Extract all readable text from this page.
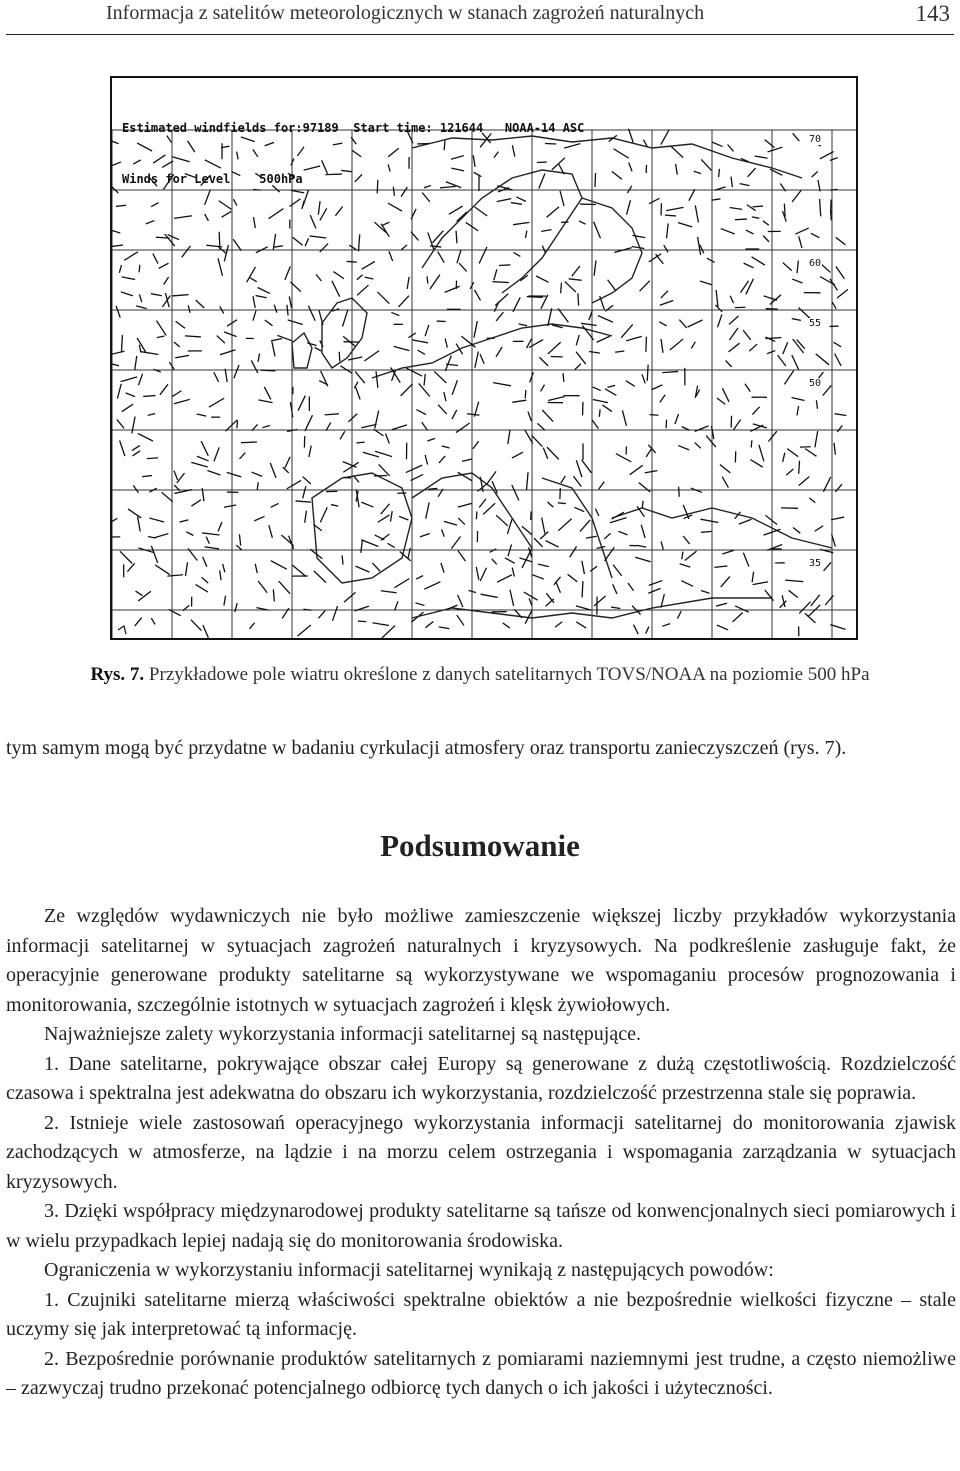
Informacja z satelitów meteorologicznych w stanach zagrożeń naturalnych	143

Estimated windfields for:97189  Start time: 121644   NOAA-14 ASC

Winds for Level    500hPa

70
60
55
50
35
Rys. 7. Przykładowe pole wiatru określone z danych satelitarnych TOVS/NOAA na poziomie 500 hPa

tym samym mogą być przydatne w badaniu cyrkulacji atmosfery oraz transportu zanieczyszczeń (rys. 7).

Podsumowanie

Ze względów wydawniczych nie było możliwe zamieszczenie większej liczby przykładów wykorzystania informacji satelitarnej w sytuacjach zagrożeń naturalnych i kryzysowych. Na podkreślenie zasługuje fakt, że operacyjnie generowane produkty satelitarne są wykorzystywane we wspomaganiu procesów prognozowania i monitorowania, szczególnie istotnych w sytuacjach zagrożeń i klęsk żywiołowych.

Najważniejsze zalety wykorzystania informacji satelitarnej są następujące.

1. Dane satelitarne, pokrywające obszar całej Europy są generowane z dużą częstotliwością. Rozdzielczość czasowa i spektralna jest adekwatna do obszaru ich wykorzystania, rozdzielczość przestrzenna stale się poprawia.

2. Istnieje wiele zastosowań operacyjnego wykorzystania informacji satelitarnej do monitorowania zjawisk zachodzących w atmosferze, na lądzie i na morzu celem ostrzegania i wspomagania zarządzania w sytuacjach kryzysowych.

3. Dzięki współpracy międzynarodowej produkty satelitarne są tańsze od konwencjonalnych sieci pomiarowych i w wielu przypadkach lepiej nadają się do monitorowania środowiska.

Ograniczenia w wykorzystaniu informacji satelitarnej wynikają z następujących powodów:

1. Czujniki satelitarne mierzą właściwości spektralne obiektów a nie bezpośrednie wielkości fizyczne – stale uczymy się jak interpretować tą informację.

2. Bezpośrednie porównanie produktów satelitarnych z pomiarami naziemnymi jest trudne, a często niemożliwe – zazwyczaj trudno przekonać potencjalnego odbiorcę tych danych o ich jakości i użyteczności.
